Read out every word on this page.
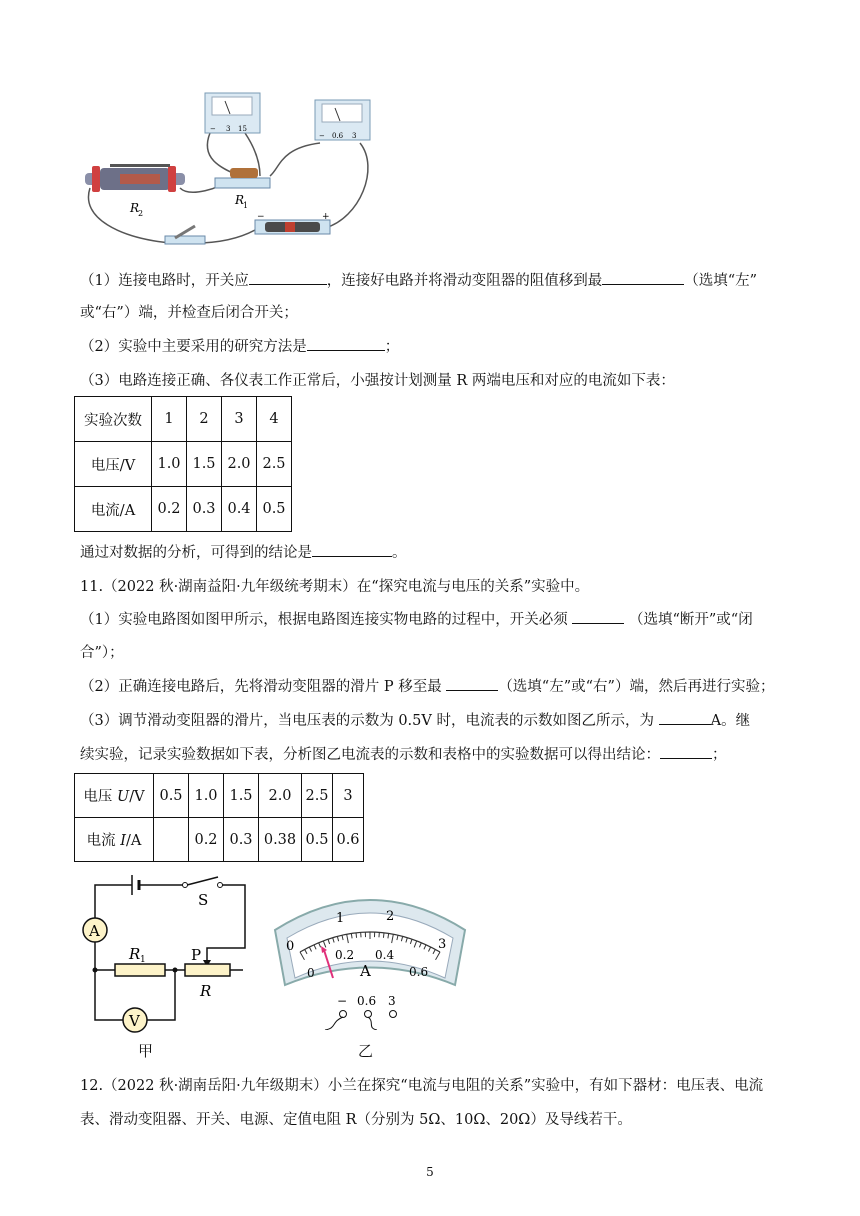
R
2
R
1
− 3 15
− 0.6 3
−	+
（1）连接电路时，开关应	，连接好电路并将滑动变阻器的阻值移到最	（选填“左”
或“右”）端，并检查后闭合开关；
（2）实验中主要采用的研究方法是	；
（3）电路连接正确、各仪表工作正常后，小强按计划测量 R 两端电压和对应的电流如下表：
实验次数	1	2	3	4
电压/V	1.0	1.5	2.0	2.5
电流/A	0.2	0.3	0.4	0.5
通过对数据的分析，可得到的结论是	。
11.（2022 秋·湖南益阳·九年级统考期末）在“探究电流与电压的关系”实验中。
（1）实验电路图如图甲所示，根据电路图连接实物电路的过程中，开关必须	（选填“断开”或“闭
合”）；
（2）正确连接电路后，先将滑动变阻器的滑片 P 移至最	（选填“左”或“右”）端，然后再进行实验；
（3）调节滑动变阻器的滑片，当电压表的示数为 0.5V 时，电流表的示数如图乙所示，为	A。继
续实验，记录实验数据如下表，分析图乙电流表的示数和表格中的实验数据可以得出结论：	；
电压 U/V	0.5	1.0	1.5	2.0	2.5	3
电流 I/A		0.2	0.3	0.38	0.5	0.6
A
R 1	P
R
V
S
甲
0
1	2
3
0
0.2 0.4
0.6
A
− 0.6 3
乙
12.（2022 秋·湖南岳阳·九年级期末）小兰在探究“电流与电阻的关系”实验中，有如下器材：电压表、电流
表、滑动变阻器、开关、电源、定值电阻 R（分别为 5Ω、10Ω、20Ω）及导线若干。
5
